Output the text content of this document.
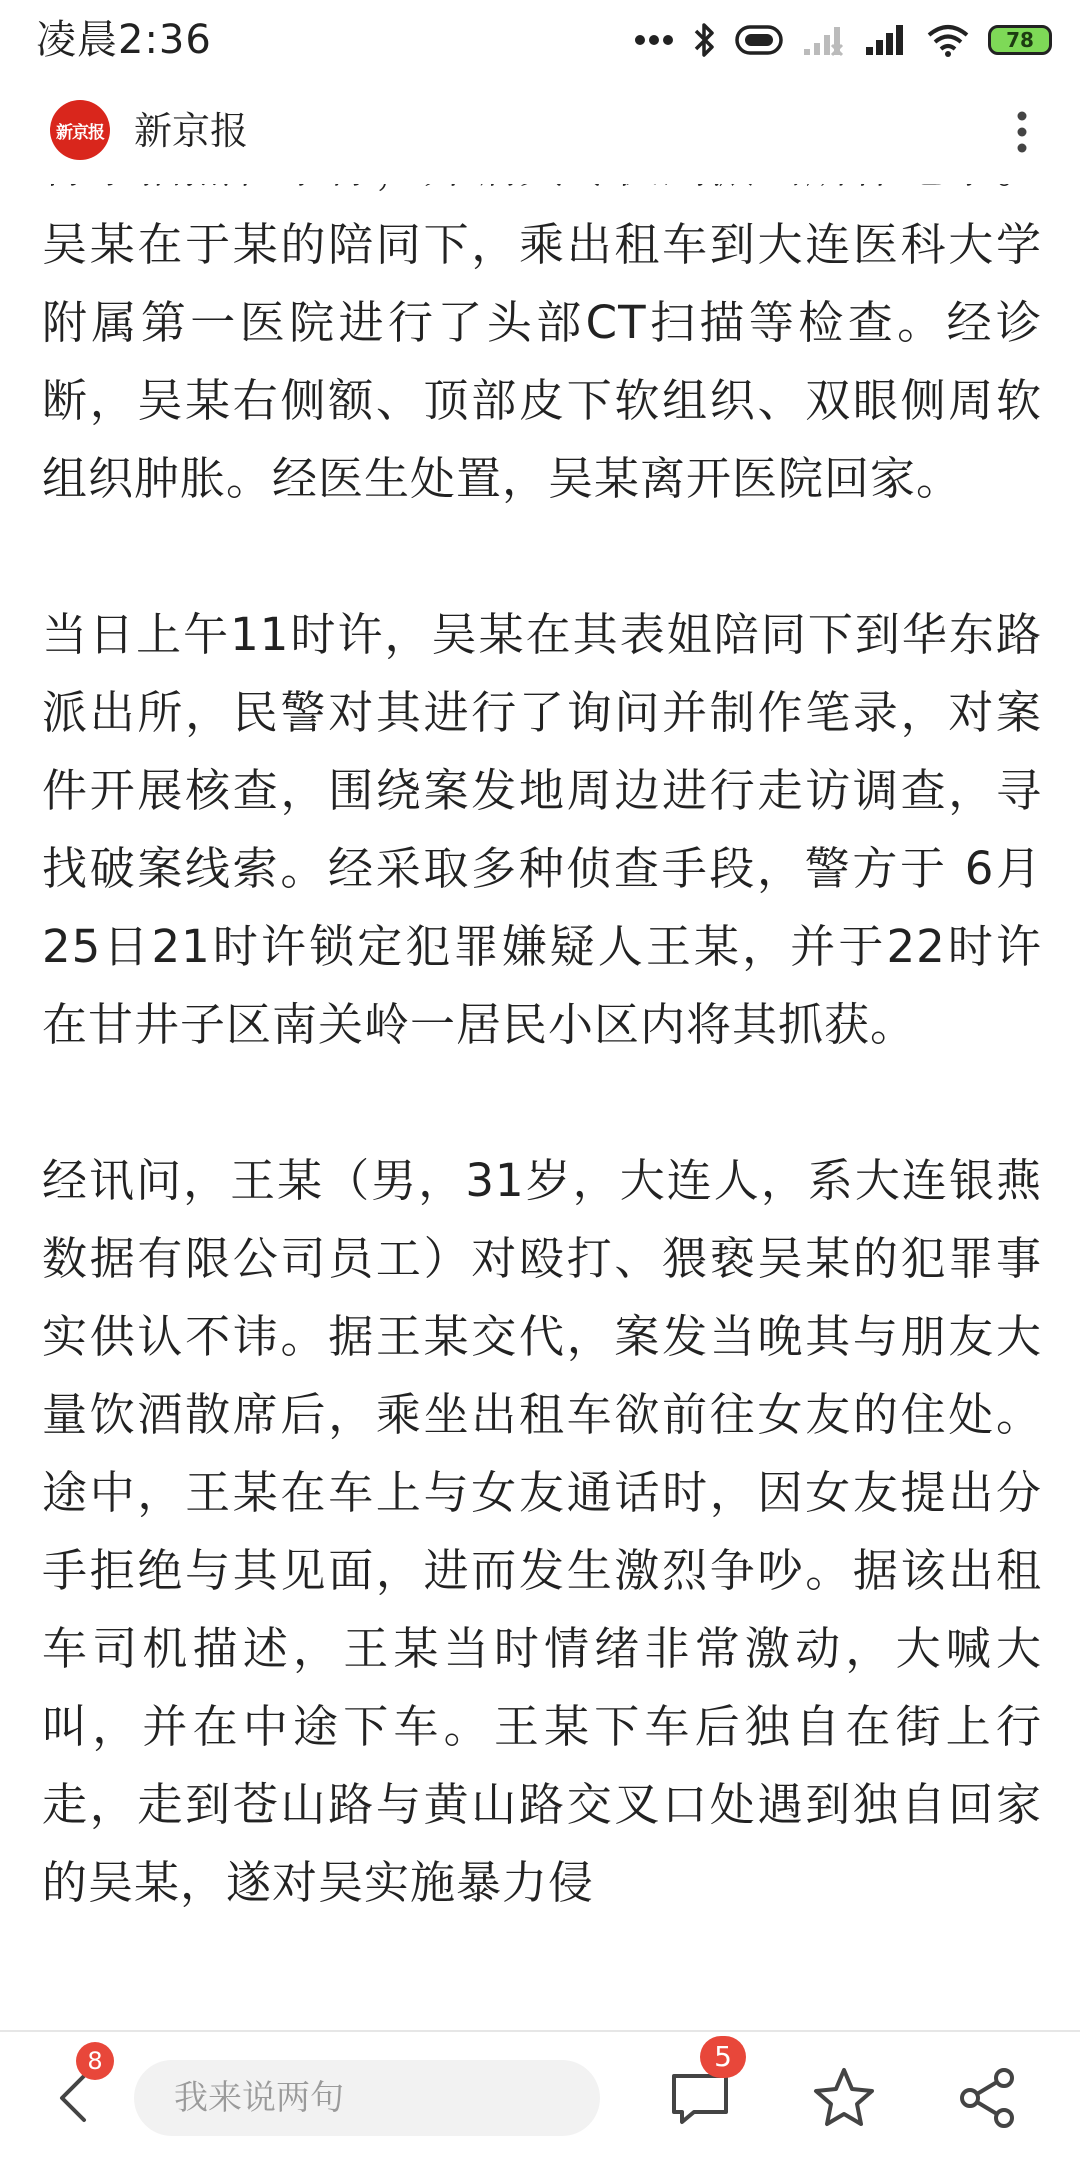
凌晨2:36	78
新京报 新京报

吴某在于某的陪同下，乘出租车到大连医科大学附属第一医院进行了头部CT扫描等检查。经诊断，吴某右侧额、顶部皮下软组织、双眼侧周软组织肿胀。经医生处置，吴某离开医院回家。

当日上午11时许，吴某在其表姐陪同下到华东路派出所，民警对其进行了询问并制作笔录，对案件开展核查，围绕案发地周边进行走访调查，寻找破案线索。经采取多种侦查手段，警方于 6月25日21时许锁定犯罪嫌疑人王某，并于22时许在甘井子区南关岭一居民小区内将其抓获。

经讯问，王某（男，31岁，大连人，系大连银燕数据有限公司员工）对殴打、猥亵吴某的犯罪事实供认不讳。据王某交代，案发当晚其与朋友大量饮酒散席后，乘坐出租车欲前往女友的住处。途中，王某在车上与女友通话时，因女友提出分手拒绝与其见面，进而发生激烈争吵。据该出租车司机描述，王某当时情绪非常激动，大喊大叫，并在中途下车。王某下车后独自在街上行走，走到苍山路与黄山路交叉口处遇到独自回家的吴某，遂对吴实施暴力侵

8
我来说两句	5
